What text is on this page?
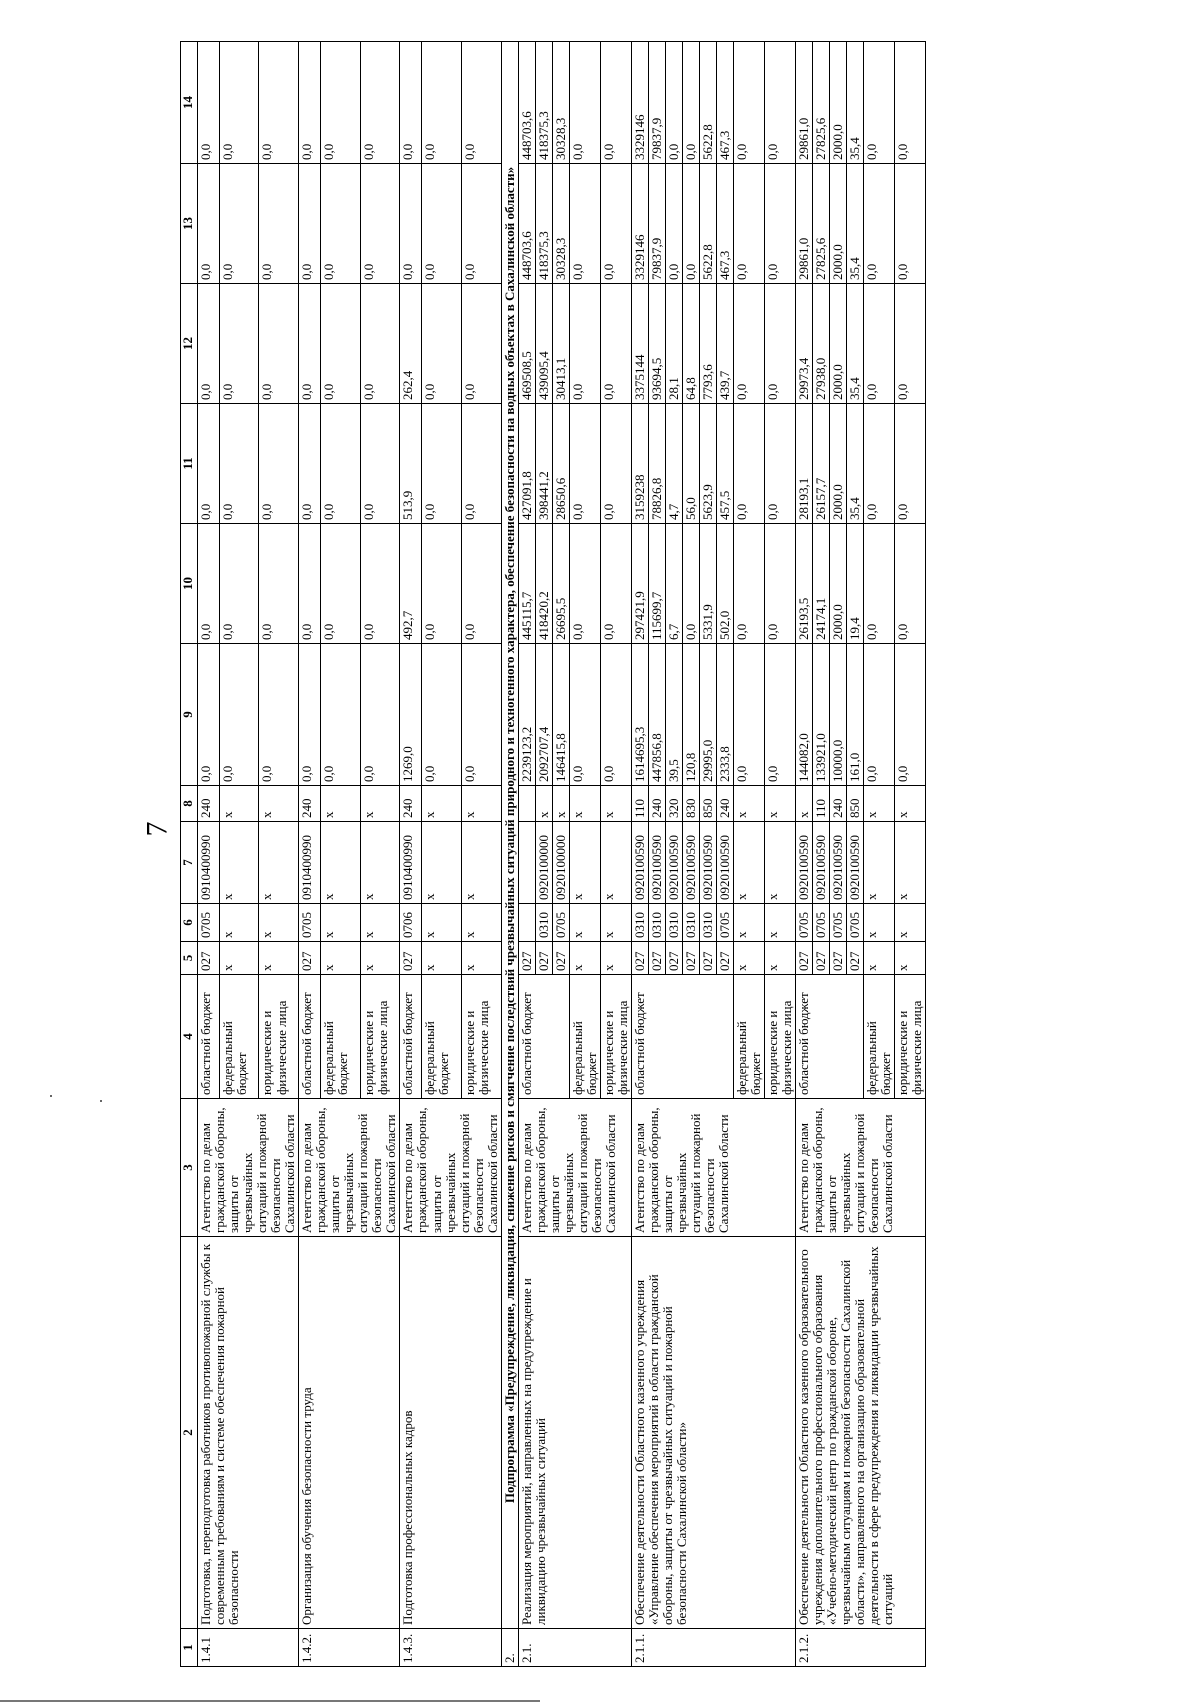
7
1	2	3	4	5	6	7	8	9	10	11	12	13	14
1.4.1	Подготовка, переподготовка работников противопожарной службы к современным требованиям и системе обеспечения пожарной безопасности	Агентство по делам гражданской обороны, защиты от чрезвычайных ситуаций и пожарной безопасности Сахалинской области	областной бюджет	027	0705	0910400990	240	0,0	0,0	0,0	0,0	0,0	0,0
			федеральный бюджет	x	x	x	x	0,0	0,0	0,0	0,0	0,0	0,0
			юридические и физические лица	x	x	x	x	0,0	0,0	0,0	0,0	0,0	0,0
1.4.2.	Организация обучения безопасности труда	Агентство по делам гражданской обороны, защиты от чрезвычайных ситуаций и пожарной безопасности Сахалинской области	областной бюджет	027	0705	0910400990	240	0,0	0,0	0,0	0,0	0,0	0,0
			федеральный бюджет	x	x	x	x	0,0	0,0	0,0	0,0	0,0	0,0
			юридические и физические лица	x	x	x	x	0,0	0,0	0,0	0,0	0,0	0,0
1.4.3.	Подготовка профессиональных кадров	Агентство по делам гражданской обороны, защиты от чрезвычайных ситуаций и пожарной безопасности Сахалинской области	областной бюджет	027	0706	0910400990	240	1269,0	492,7	513,9	262,4	0,0	0,0
			федеральный бюджет	x	x	x	x	0,0	0,0	0,0	0,0	0,0	0,0
			юридические и физические лица	x	x	x	x	0,0	0,0	0,0	0,0	0,0	0,0
2.	Подпрограмма «Предупреждение, ликвидация, снижение рисков и смягчение последствий чрезвычайных ситуаций природного и техногенного характера, обеспечение безопасности на водных объектах в Сахалинской области»												
2.1.	Реализация мероприятий, направленных на предупреждение и ликвидацию чрезвычайных ситуаций	Агентство по делам гражданской обороны, защиты от чрезвычайных ситуаций и пожарной безопасности Сахалинской области	областной бюджет	027				2239123,2	445115,7	427091,8	469508,5	448703,6	448703,6
				027	0310	0920100000	x	2092707,4	418420,2	398441,2	439095,4	418375,3	418375,3
				027	0705	0920100000	x	146415,8	26695,5	28650,6	30413,1	30328,3	30328,3
			федеральный бюджет	x	x	x	x	0,0	0,0	0,0	0,0	0,0	0,0
			юридические и физические лица	x	x	x	x	0,0	0,0	0,0	0,0	0,0	0,0
2.1.1.	Обеспечение деятельности Областного казенного учреждения «Управление обеспечения мероприятий в области гражданской обороны, защиты от чрезвычайных ситуаций и пожарной безопасности Сахалинской области»	Агентство по делам гражданской обороны, защиты от чрезвычайных ситуаций и пожарной безопасности Сахалинской области	областной бюджет	027	0310	0920100590	110	1614695,3	297421,9	3159238	3375144	3329146	3329146
				027	0310	0920100590	240	447856,8	115699,7	78826,8	93694,5	79837,9	79837,9
				027	0310	0920100590	320	39,5	6,7	4,7	28,1	0,0	0,0
				027	0310	0920100590	830	120,8	0,0	56,0	64,8	0,0	0,0
				027	0310	0920100590	850	29995,0	5331,9	5623,9	7793,6	5622,8	5622,8
				027	0705	0920100590	240	2333,8	502,0	457,5	439,7	467,3	467,3
			федеральный бюджет	x	x	x	x	0,0	0,0	0,0	0,0	0,0	0,0
			юридические и физические лица	x	x	x	x	0,0	0,0	0,0	0,0	0,0	0,0
2.1.2.	Обеспечение деятельности Областного казенного образовательного учреждения дополнительного профессионального образования «Учебно-методический центр по гражданской обороне, чрезвычайным ситуациям и пожарной безопасности Сахалинской области», направленного на организацию образовательной деятельности в сфере предупреждения и ликвидации чрезвычайных ситуаций	Агентство по делам гражданской обороны, защиты от чрезвычайных ситуаций и пожарной безопасности Сахалинской области	областной бюджет	027	0705	0920100590	x	144082,0	26193,5	28193,1	29973,4	29861,0	29861,0
				027	0705	0920100590	110	133921,0	24174,1	26157,7	27938,0	27825,6	27825,6
				027	0705	0920100590	240	10000,0	2000,0	2000,0	2000,0	2000,0	2000,0
				027	0705	0920100590	850	161,0	19,4	35,4	35,4	35,4	35,4
			федеральный бюджет	x	x	x	x	0,0	0,0	0,0	0,0	0,0	0,0
			юридические и физические лица	x	x	x	x	0,0	0,0	0,0	0,0	0,0	0,0
